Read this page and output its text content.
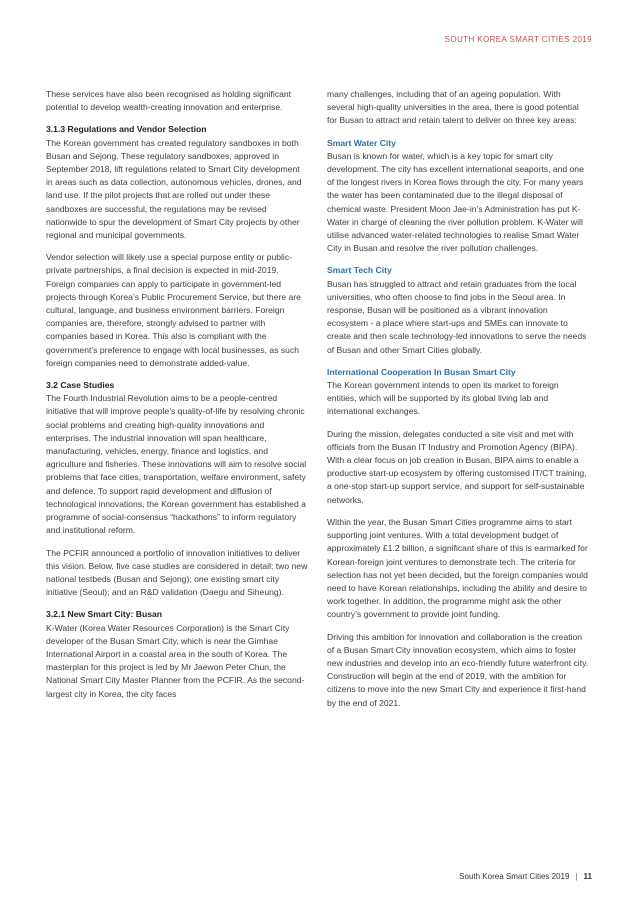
SOUTH KOREA SMART CITIES 2019

These services have also been recognised as holding significant potential to develop wealth-creating innovation and enterprise.

3.1.3 Regulations and Vendor Selection

The Korean government has created regulatory sandboxes in both Busan and Sejong. These regulatory sandboxes, approved in September 2018, lift regulations related to Smart City development in areas such as data collection, autonomous vehicles, drones, and land use. If the pilot projects that are rolled out under these sandboxes are successful, the regulations may be revised nationwide to spur the development of Smart City projects by other regional and municipal governments.

Vendor selection will likely use a special purpose entity or public-private partnerships, a final decision is expected in mid-2019. Foreign companies can apply to participate in government-led projects through Korea’s Public Procurement Service, but there are cultural, language, and business environment barriers. Foreign companies are, therefore, strongly advised to partner with companies based in Korea. This also is compliant with the government’s preference to engage with local businesses, as such foreign companies need to demonstrate added-value.

3.2 Case Studies

The Fourth Industrial Revolution aims to be a people-centred initiative that will improve people’s quality-of-life by resolving chronic social problems and creating high-quality innovations and enterprises. The industrial innovation will span healthcare, manufacturing, vehicles, energy, finance and logistics, and agriculture and fisheries. These innovations will aim to resolve social problems that face cities, transportation, welfare environment, safety and defence. To support rapid development and diffusion of technological innovations, the Korean government has established a programme of social-consensus “hackathons” to inform regulatory and institutional reform.

The PCFIR announced a portfolio of innovation initiatives to deliver this vision. Below, five case studies are considered in detail: two new national testbeds (Busan and Sejong); one existing smart city initiative (Seoul); and an R&D validation (Daegu and Siheung).

3.2.1 New Smart City: Busan

K-Water (Korea Water Resources Corporation) is the Smart City developer of the Busan Smart City, which is near the Gimhae International Airport in a coastal area in the south of Korea. The masterplan for this project is led by Mr Jaewon Peter Chun, the National Smart City Master Planner from the PCFIR. As the second-largest city in Korea, the city faces

many challenges, including that of an ageing population. With several high-quality universities in the area, there is good potential for Busan to attract and retain talent to deliver on three key areas:

Smart Water City

Busan is known for water, which is a key topic for smart city development. The city has excellent international seaports, and one of the longest rivers in Korea flows through the city. For many years the water has been contaminated due to the illegal disposal of chemical waste. President Moon Jae-in’s Administration has put K-Water in charge of cleaning the river pollution problem. K-Water will utilise advanced water-related technologies to realise Smart Water City in Busan and resolve the river pollution challenges.

Smart Tech City

Busan has struggled to attract and retain graduates from the local universities, who often choose to find jobs in the Seoul area. In response, Busan will be positioned as a vibrant innovation ecosystem - a place where start-ups and SMEs can innovate to create and then scale technology-led innovations to serve the needs of Busan and other Smart Cities globally.

International Cooperation In Busan Smart City

The Korean government intends to open its market to foreign entities, which will be supported by its global living lab and international exchanges.

During the mission, delegates conducted a site visit and met with officials from the Busan IT Industry and Promotion Agency (BIPA). With a clear focus on job creation in Busan, BIPA aims to enable a productive start-up ecosystem by offering customised IT/CT training, a one-stop start-up support service, and support for self-sustainable networks.

Within the year, the Busan Smart Cities programme aims to start supporting joint ventures. With a total development budget of approximately £1.2 billion, a significant share of this is earmarked for Korean-foreign joint ventures to demonstrate tech. The criteria for selection has not yet been decided, but the foreign companies would need to have Korean relationships, including the ability and desire to work together. In addition, the programme might ask the other country’s government to provide joint funding.

Driving this ambition for innovation and collaboration is the creation of a Busan Smart City innovation ecosystem, which aims to foster new industries and develop into an eco-friendly future waterfront city. Construction will begin at the end of 2019, with the ambition for citizens to move into the new Smart City and experience it first-hand by the end of 2021.

South Korea Smart Cities 2019 | 11
